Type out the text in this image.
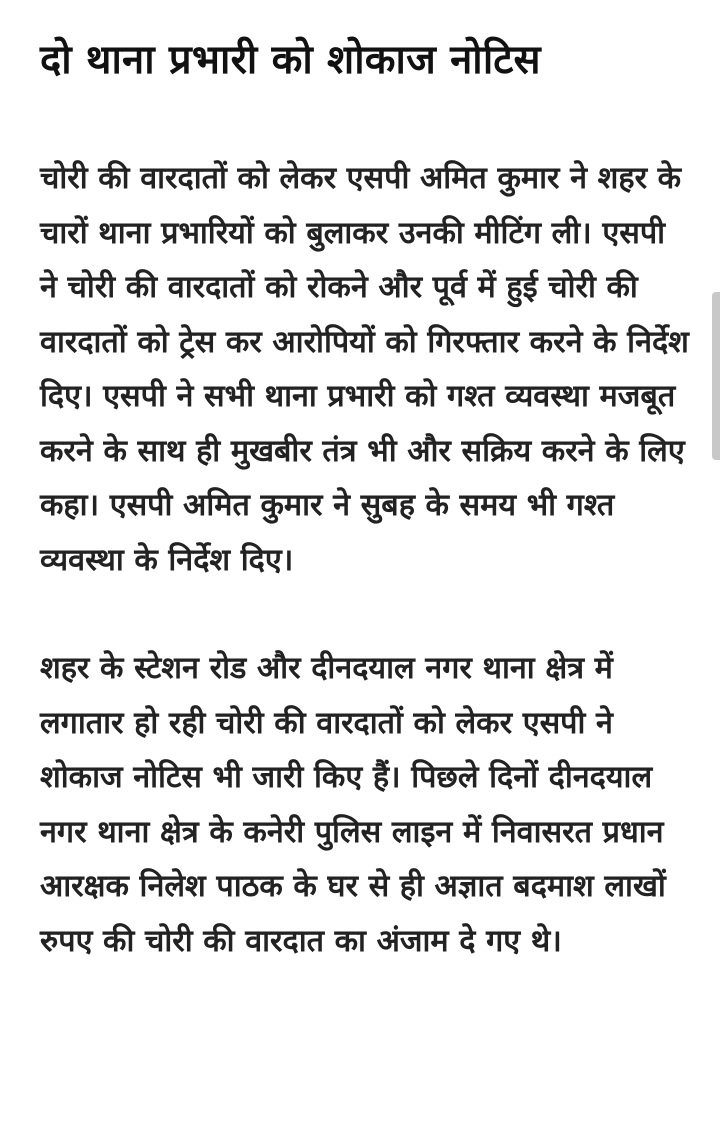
दो थाना प्रभारी को शोकाज नोटिस

चोरी की वारदातों को लेकर एसपी अमित कुमार ने शहर के चारों थाना प्रभारियों को बुलाकर उनकी मीटिंग ली। एसपी ने चोरी की वारदातों को रोकने और पूर्व में हुई चोरी की वारदातों को ट्रेस कर आरोपियों को गिरफ्तार करने के निर्देश दिए। एसपी ने सभी थाना प्रभारी को गश्त व्यवस्था मजबूत करने के साथ ही मुखबीर तंत्र भी और सक्रिय करने के लिए कहा। एसपी अमित कुमार ने सुबह के समय भी गश्त व्यवस्था के निर्देश दिए।

शहर के स्टेशन रोड और दीनदयाल नगर थाना क्षेत्र में लगातार हो रही चोरी की वारदातों को लेकर एसपी ने शोकाज नोटिस भी जारी किए हैं। पिछले दिनों दीनदयाल नगर थाना क्षेत्र के कनेरी पुलिस लाइन में निवासरत प्रधान आरक्षक निलेश पाठक के घर से ही अज्ञात बदमाश लाखों रुपए की चोरी की वारदात का अंजाम दे गए थे।
